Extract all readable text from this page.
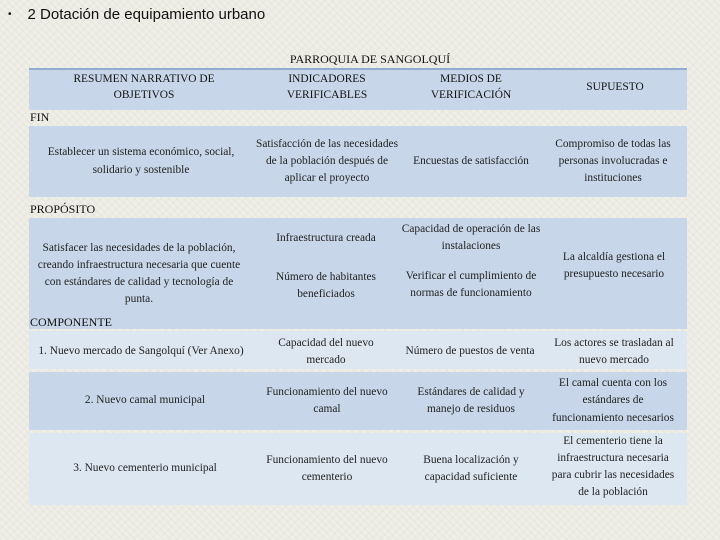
• 2 Dotación de equipamiento urbano
PARROQUIA DE SANGOLQUÍ
RESUMEN NARRATIVO DE OBJETIVOS
INDICADORES VERIFICABLES
MEDIOS DE VERIFICACIÓN
SUPUESTO
FIN
Establecer un sistema económico, social, solidario y sostenible
Satisfacción de las necesidades de la población después de aplicar el proyecto
Encuestas de satisfacción
Compromiso de todas las personas involucradas e instituciones
PROPÓSITO
Satisfacer las necesidades de la población, creando infraestructura necesaria que cuente con estándares de calidad y tecnología de punta.
Infraestructura creada
Capacidad de operación de las instalaciones
Número de habitantes beneficiados
Verificar el cumplimiento de normas de funcionamiento
La alcaldía gestiona el presupuesto necesario
COMPONENTE
1. Nuevo mercado de Sangolquí (Ver Anexo)
Capacidad del nuevo mercado
Número de puestos de venta
Los actores se trasladan al nuevo mercado
2. Nuevo camal municipal
Funcionamiento del nuevo camal
Estándares de calidad y manejo de residuos
El camal cuenta con los estándares de funcionamiento necesarios
3. Nuevo cementerio municipal
Funcionamiento del nuevo cementerio
Buena localización y capacidad suficiente
El cementerio tiene la infraestructura necesaria para cubrir las necesidades de la población
